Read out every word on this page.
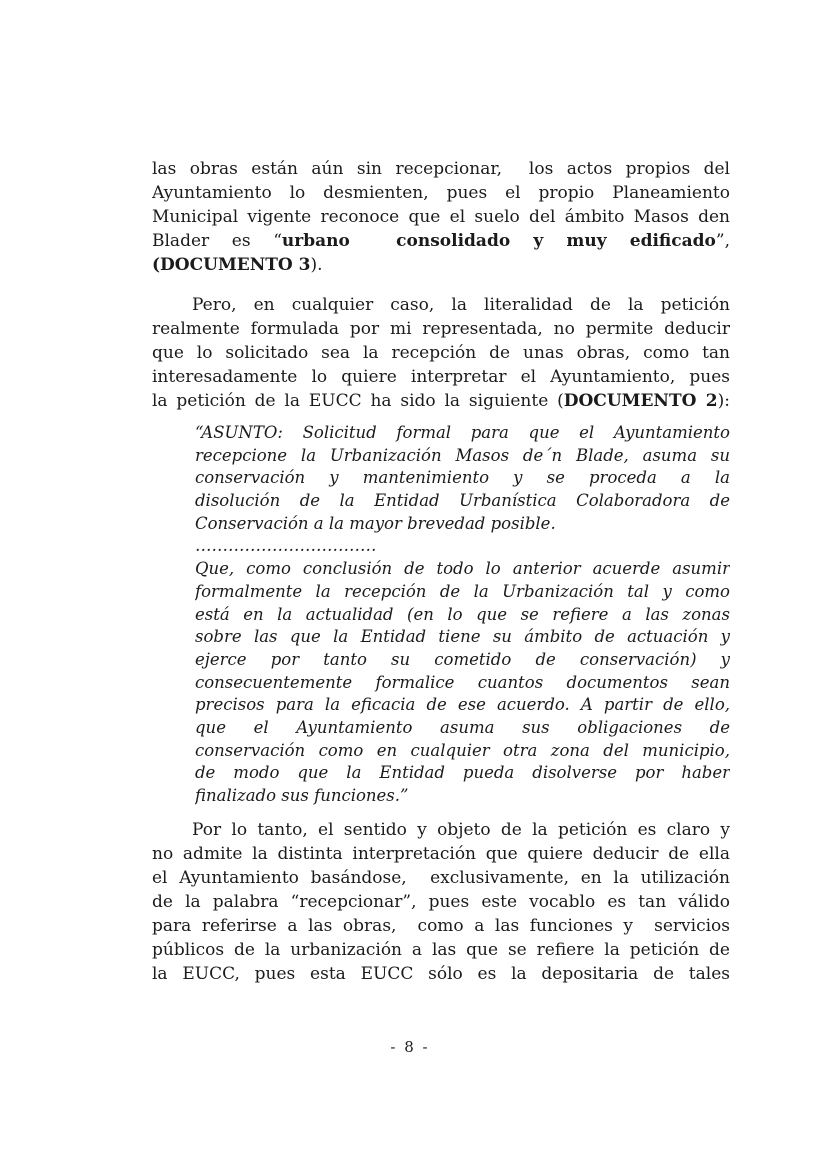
las obras están aún sin recepcionar,  los actos propios del
Ayuntamiento lo desmienten, pues el propio Planeamiento
Municipal vigente reconoce que el suelo del ámbito Masos den
Blader es “urbano  consolidado y muy edificado”,
(DOCUMENTO 3).
Pero, en cualquier caso, la literalidad de la petición
realmente formulada por mi representada, no permite deducir
que lo solicitado sea la recepción de unas obras, como tan
interesadamente lo quiere interpretar el Ayuntamiento, pues
la petición de la EUCC ha sido la siguiente (DOCUMENTO 2):
“ASUNTO: Solicitud formal para que el Ayuntamiento
recepcione la Urbanización Masos de´n Blade, asuma su
conservación y mantenimiento y se proceda a la
disolución de la Entidad Urbanística Colaboradora de
Conservación a la mayor brevedad posible.
……………………………
Que, como conclusión de todo lo anterior acuerde asumir
formalmente la recepción de la Urbanización tal y como
está en la actualidad (en lo que se refiere a las zonas
sobre las que la Entidad tiene su ámbito de actuación y
ejerce por tanto su cometido de conservación) y
consecuentemente formalice cuantos documentos sean
precisos para la eficacia de ese acuerdo. A partir de ello,
que el Ayuntamiento asuma sus obligaciones de
conservación como en cualquier otra zona del municipio,
de modo que la Entidad pueda disolverse por haber
finalizado sus funciones.”
Por lo tanto, el sentido y objeto de la petición es claro y
no admite la distinta interpretación que quiere deducir de ella
el Ayuntamiento basándose,  exclusivamente, en la utilización
de la palabra “recepcionar”, pues este vocablo es tan válido
para referirse a las obras,  como a las funciones y  servicios
públicos de la urbanización a las que se refiere la petición de
la EUCC, pues esta EUCC sólo es la depositaria de tales
- 8 -
